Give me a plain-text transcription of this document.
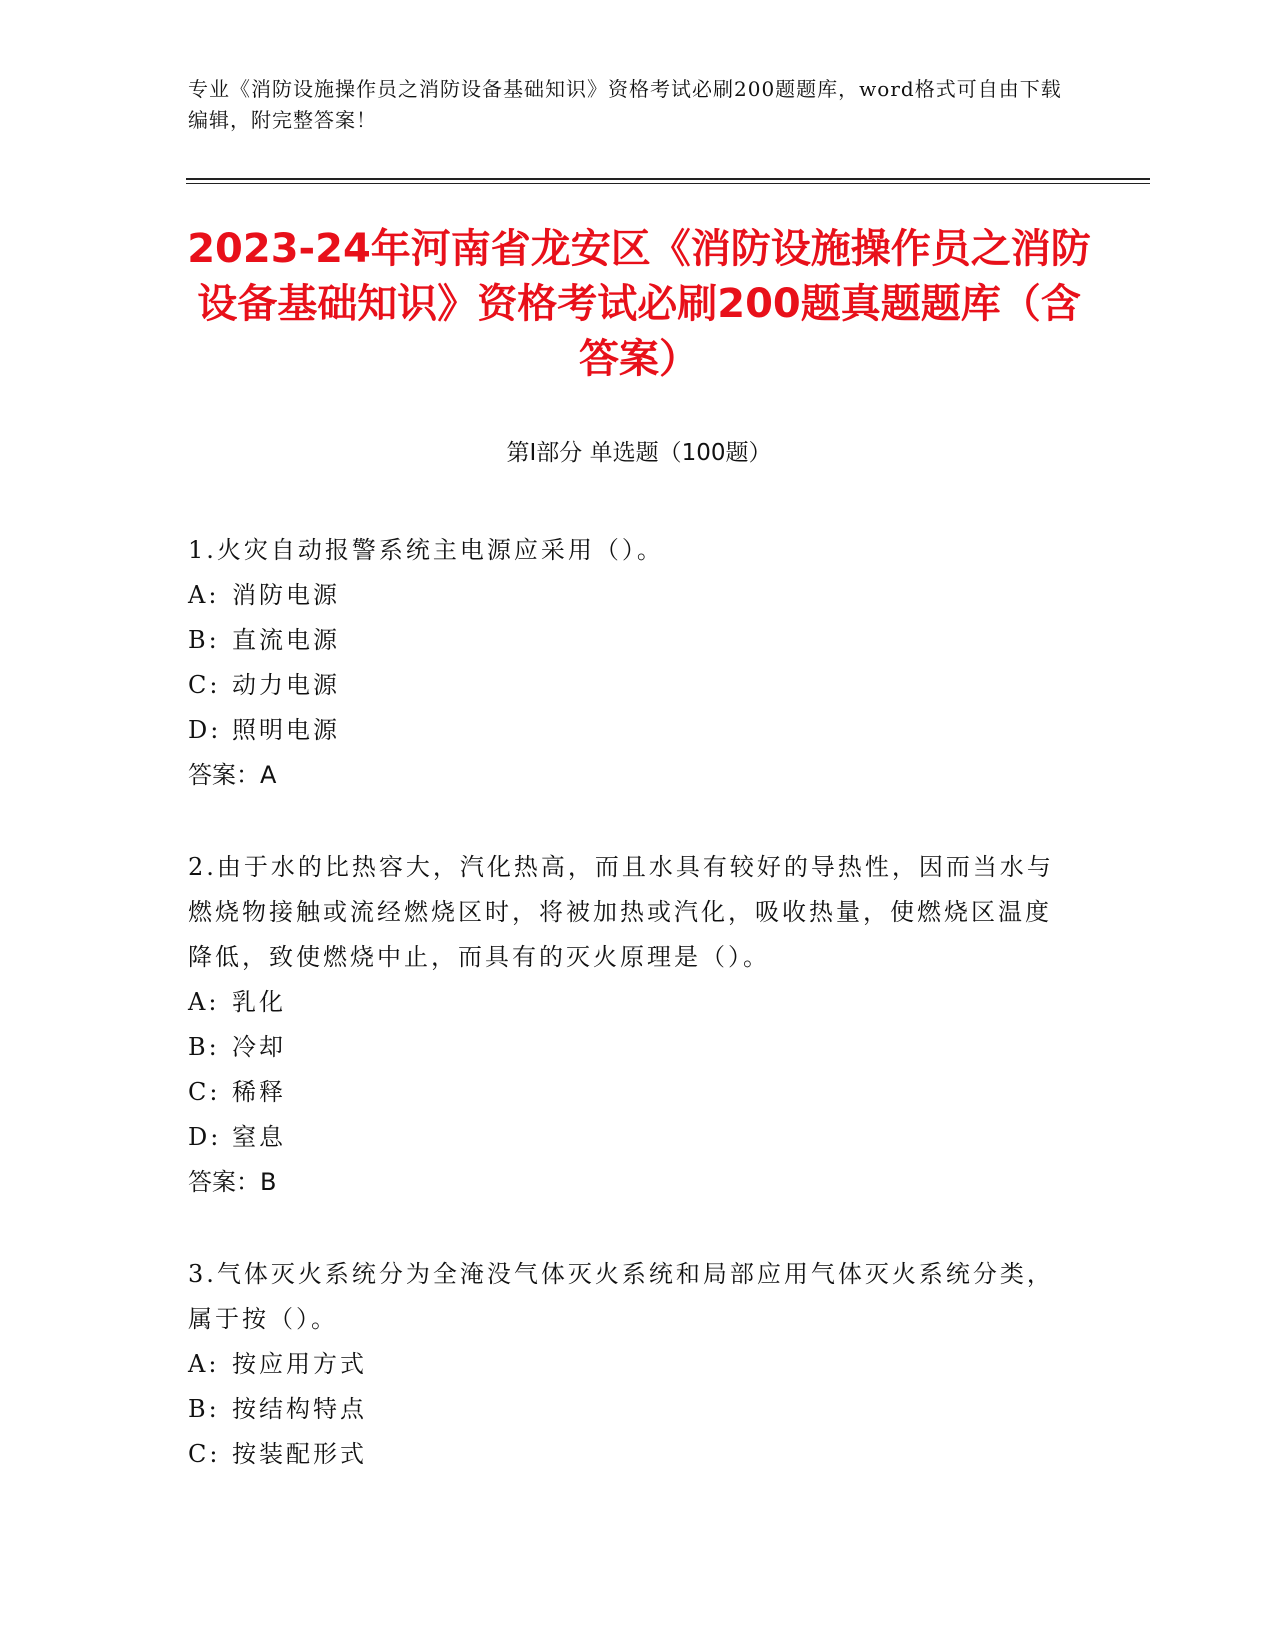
专业《消防设施操作员之消防设备基础知识》资格考试必刷200题题库，word格式可自由下载编辑，附完整答案！
2023-24年河南省龙安区《消防设施操作员之消防设备基础知识》资格考试必刷200题真题题库（含答案）
第Ⅰ部分 单选题（100题）
1.火灾自动报警系统主电源应采用（）。
A: 消防电源
B: 直流电源
C: 动力电源
D: 照明电源
答案：A
2.由于水的比热容大，汽化热高，而且水具有较好的导热性，因而当水与燃烧物接触或流经燃烧区时，将被加热或汽化，吸收热量，使燃烧区温度降低，致使燃烧中止，而具有的灭火原理是（）。
A: 乳化
B: 冷却
C: 稀释
D: 窒息
答案：B
3.气体灭火系统分为全淹没气体灭火系统和局部应用气体灭火系统分类，属于按（）。
A: 按应用方式
B: 按结构特点
C: 按装配形式
